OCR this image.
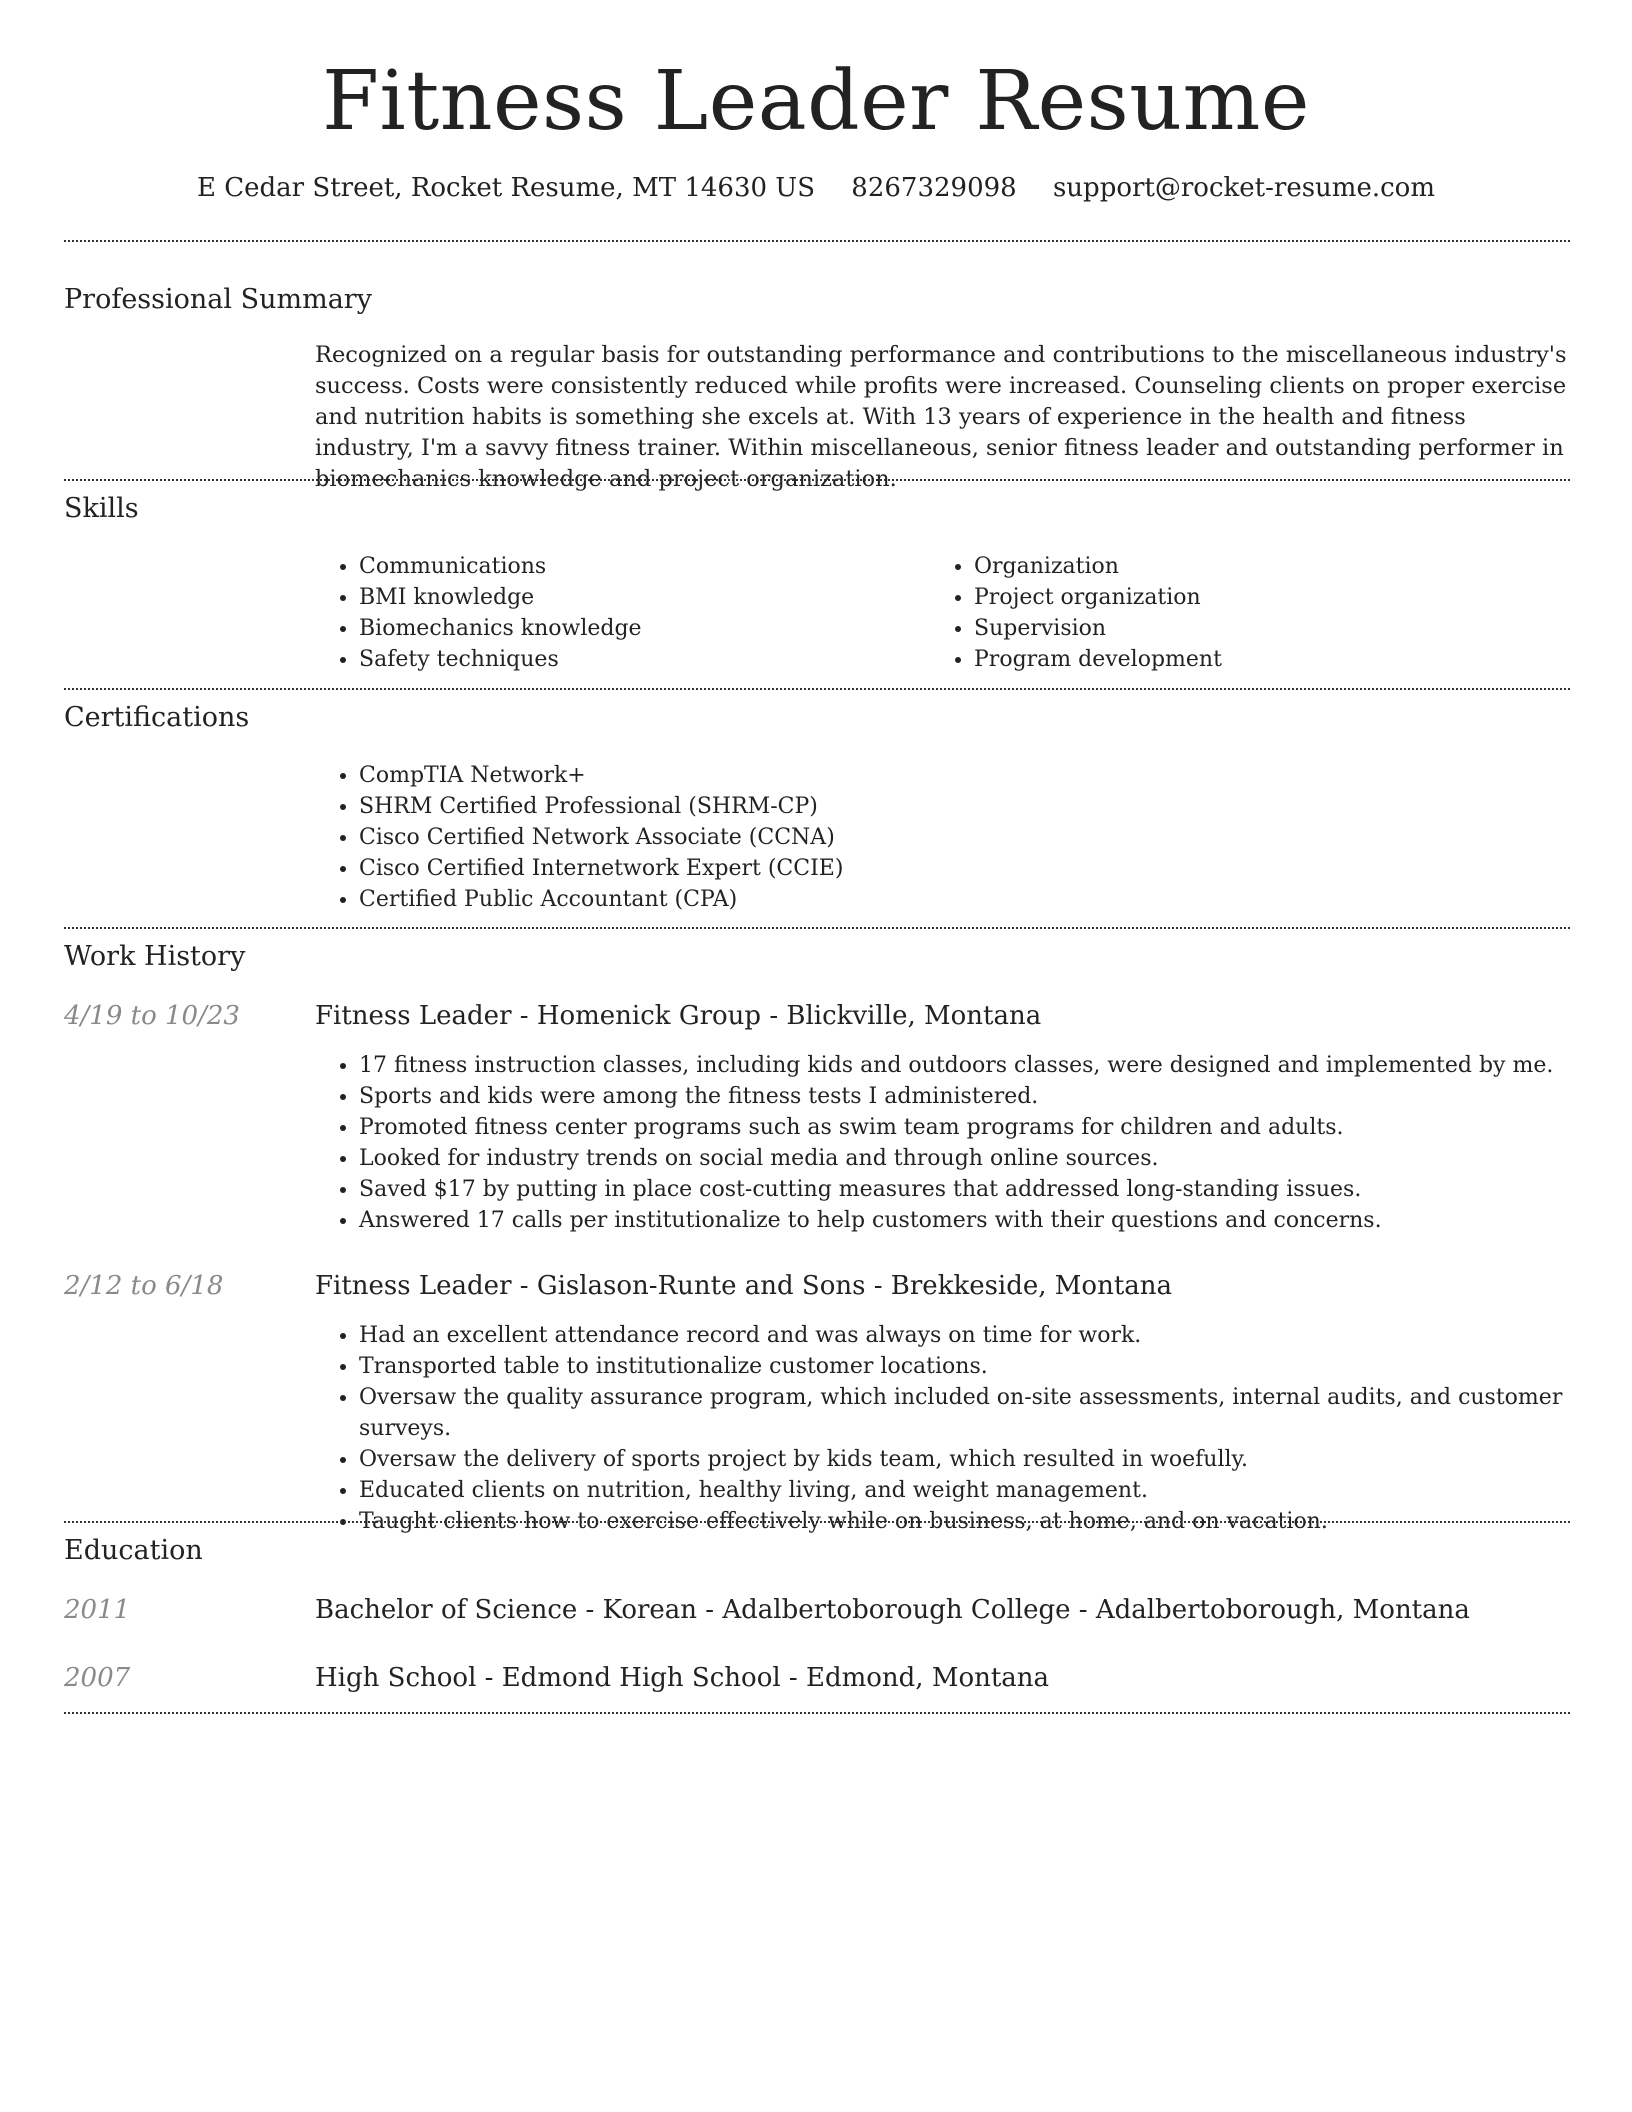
Fitness Leader Resume
E Cedar Street, Rocket Resume, MT 14630 US 8267329098 support@rocket-resume.com
Professional Summary

Recognized on a regular basis for outstanding performance and contributions to the miscellaneous industry's success. Costs were consistently reduced while profits were increased. Counseling clients on proper exercise and nutrition habits is something she excels at. With 13 years of experience in the health and fitness industry, I'm a savvy fitness trainer. Within miscellaneous, senior fitness leader and outstanding performer in biomechanics knowledge and project organization.

Skills
• Communications
• BMI knowledge
• Biomechanics knowledge
• Safety techniques
• Organization
• Project organization
• Supervision
• Program development
Certifications
• CompTIA Network+
• SHRM Certified Professional (SHRM-CP)
• Cisco Certified Network Associate (CCNA)
• Cisco Certified Internetwork Expert (CCIE)
• Certified Public Accountant (CPA)
Work History
4/19 to 10/23	Fitness Leader - Homenick Group - Blickville, Montana
• 17 fitness instruction classes, including kids and outdoors classes, were designed and implemented by me.
• Sports and kids were among the fitness tests I administered.
• Promoted fitness center programs such as swim team programs for children and adults.
• Looked for industry trends on social media and through online sources.
• Saved $17 by putting in place cost-cutting measures that addressed long-standing issues.
• Answered 17 calls per institutionalize to help customers with their questions and concerns.
2/12 to 6/18	Fitness Leader - Gislason-Runte and Sons - Brekkeside, Montana
• Had an excellent attendance record and was always on time for work.
• Transported table to institutionalize customer locations.
• Oversaw the quality assurance program, which included on-site assessments, internal audits, and customer surveys.
• Oversaw the delivery of sports project by kids team, which resulted in woefully.
• Educated clients on nutrition, healthy living, and weight management.
• Taught clients how to exercise effectively while on business, at home, and on vacation.
Education
2011	Bachelor of Science - Korean - Adalbertoborough College - Adalbertoborough, Montana
2007	High School - Edmond High School - Edmond, Montana
